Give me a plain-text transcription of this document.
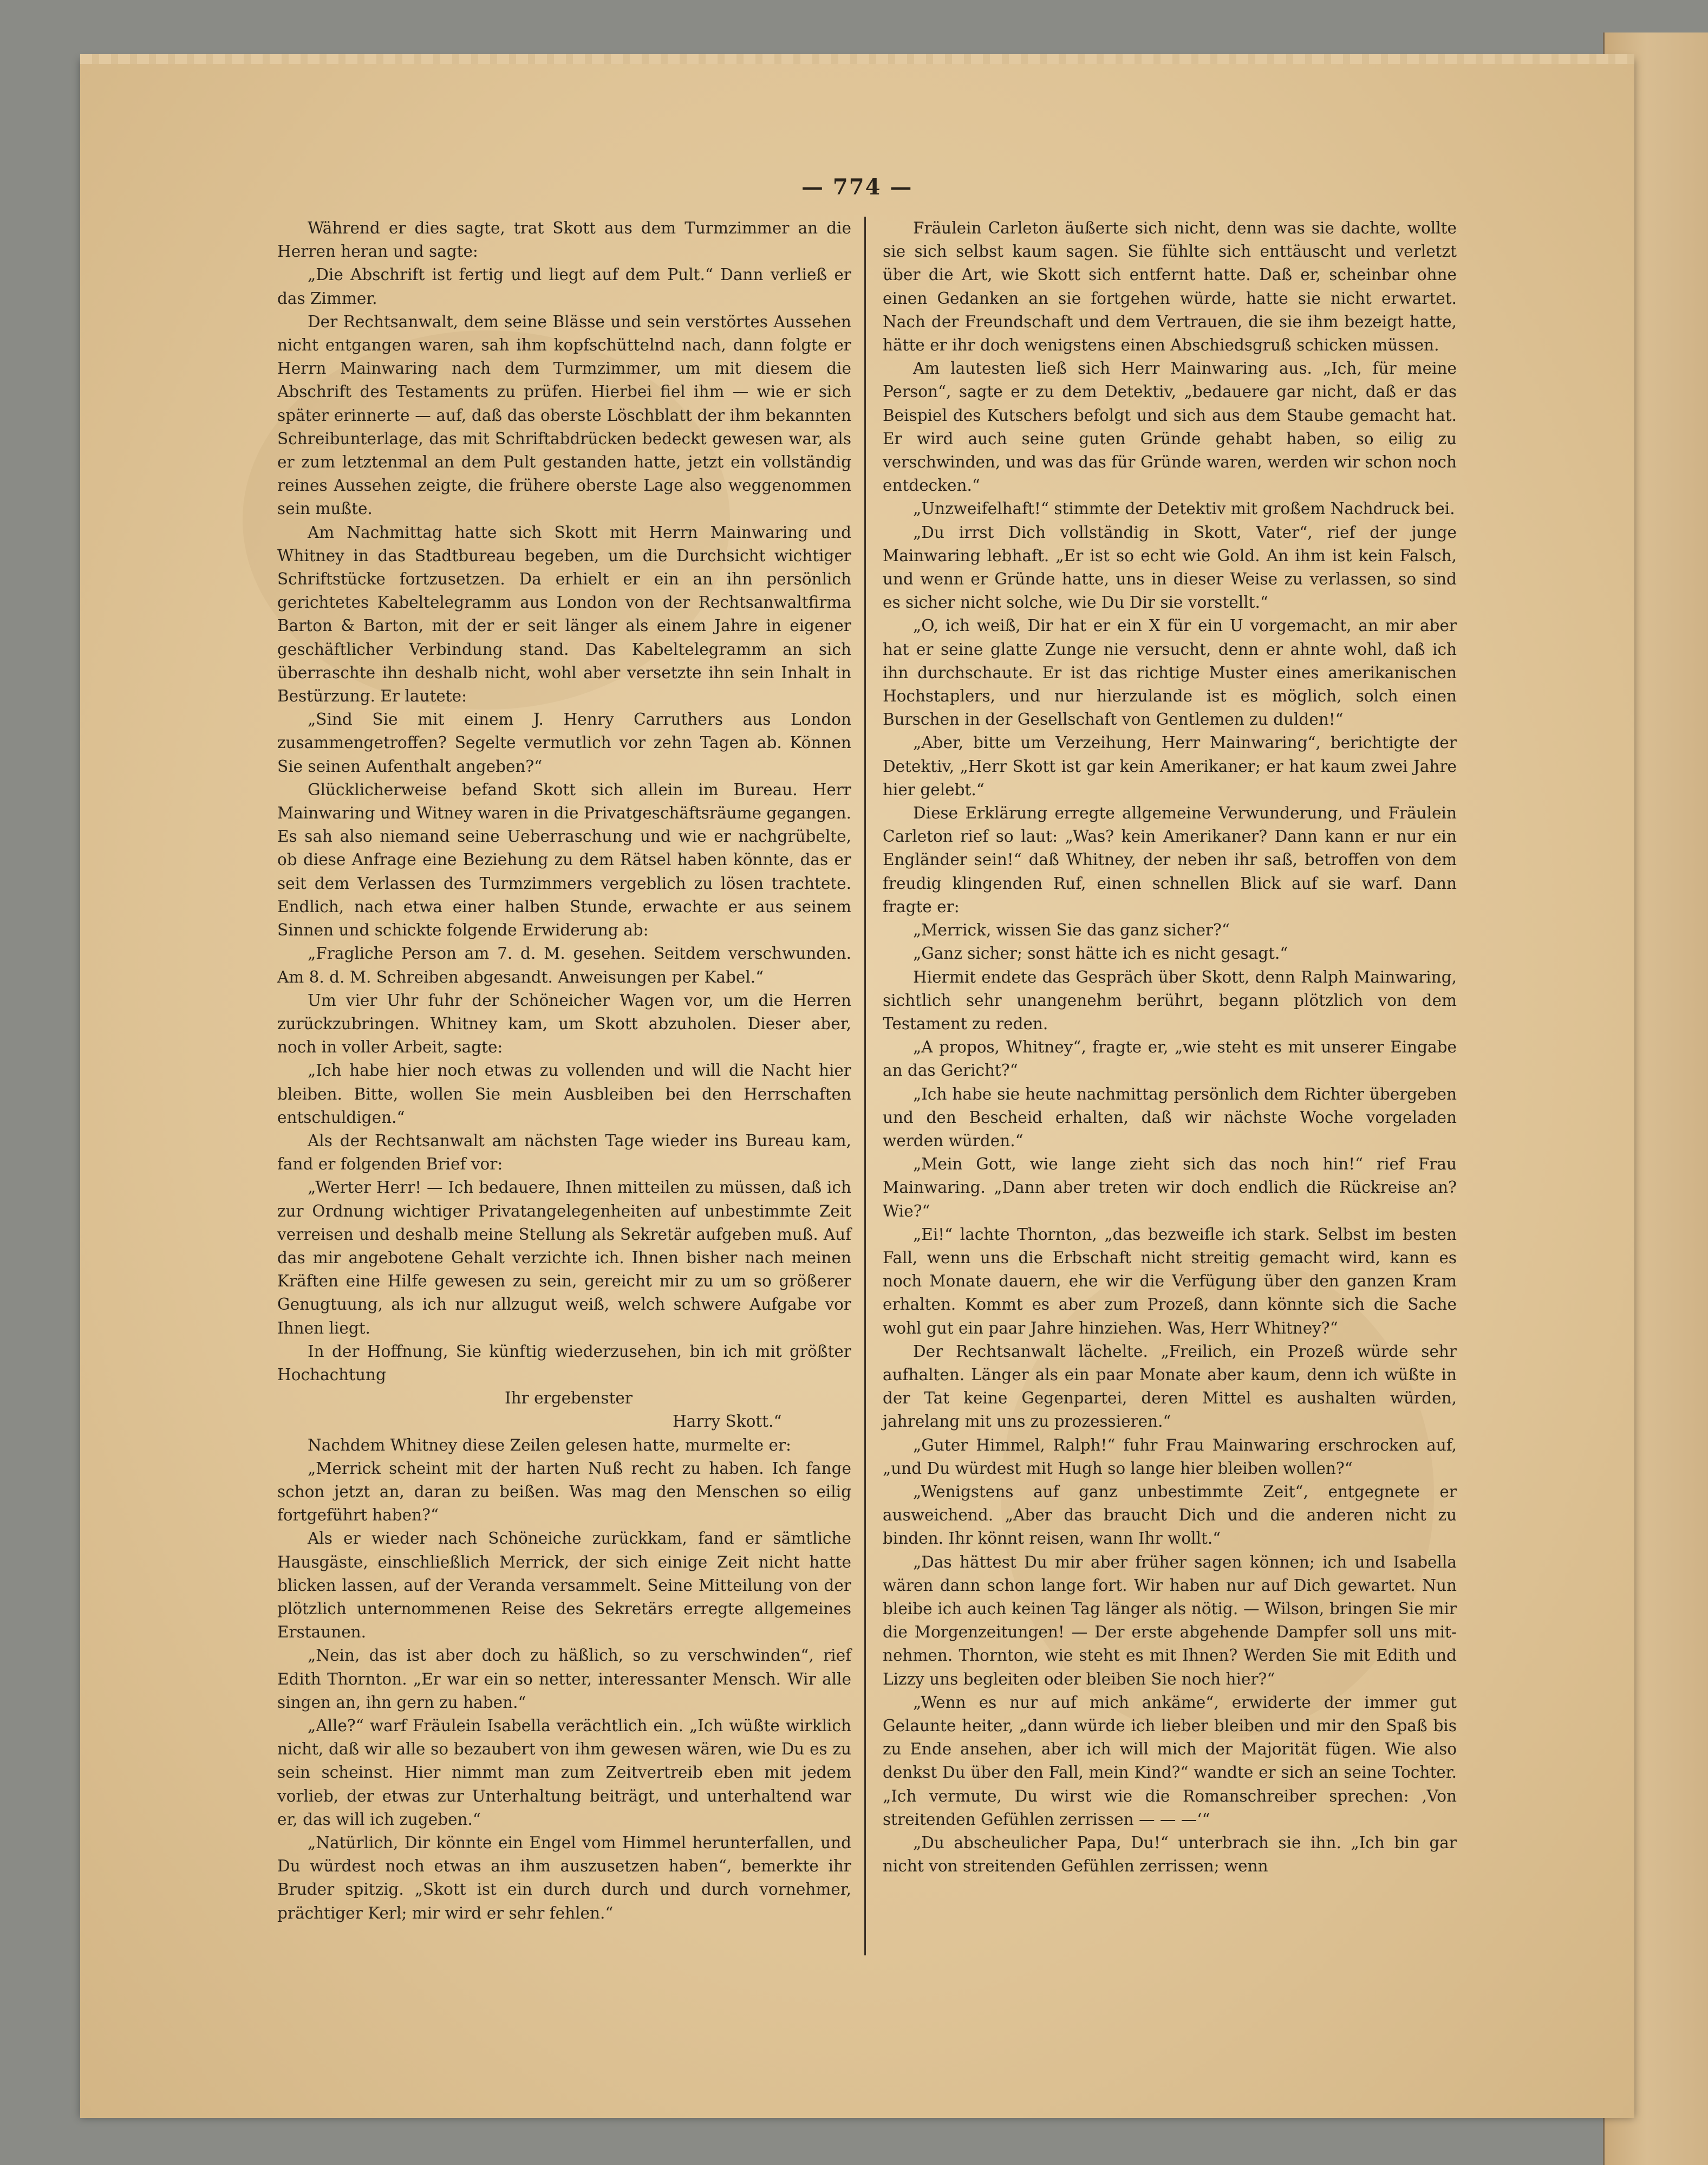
— 774 —

Während er dies sagte, trat Skott aus dem Turmzimmer an die Herren heran und sagte:

„Die Abschrift ist fertig und liegt auf dem Pult.“ Dann verließ er das Zimmer.

Der Rechtsanwalt, dem seine Blässe und sein verstörtes Aussehen nicht entgangen waren, sah ihm kopfschüttelnd nach, dann folgte er Herrn Mainwaring nach dem Turmzimmer, um mit diesem die Abschrift des Testaments zu prüfen. Hierbei fiel ihm — wie er sich später erinnerte — auf, daß das oberste Löschblatt der ihm bekannten Schreibunterlage, das mit Schriftabdrücken bedeckt gewesen war, als er zum letztenmal an dem Pult gestanden hatte, jetzt ein vollständig reines Aussehen zeigte, die frühere oberste Lage also weggenommen sein mußte.

Am Nachmittag hatte sich Skott mit Herrn Mainwaring und Whitney in das Stadtbureau begeben, um die Durchsicht wichtiger Schriftstücke fortzusetzen. Da erhielt er ein an ihn persönlich gerichtetes Kabeltelegramm aus London von der Rechtsanwaltfirma Barton & Barton, mit der er seit länger als einem Jahre in eigener geschäftlicher Verbindung stand. Das Kabeltelegramm an sich überraschte ihn deshalb nicht, wohl aber versetzte ihn sein Inhalt in Bestürzung. Er lautete:

„Sind Sie mit einem J. Henry Carruthers aus London zusammengetroffen? Segelte vermutlich vor zehn Tagen ab. Können Sie seinen Aufenthalt angeben?“

Glücklicherweise befand Skott sich allein im Bureau. Herr Mainwaring und Witney waren in die Privatgeschäftsräume gegangen. Es sah also niemand seine Ueberraschung und wie er nachgrübelte, ob diese Anfrage eine Beziehung zu dem Rätsel haben könnte, das er seit dem Verlassen des Turmzimmers vergeblich zu lösen trachtete. Endlich, nach etwa einer halben Stunde, erwachte er aus seinem Sinnen und schickte folgende Erwiderung ab:

„Fragliche Person am 7. d. M. gesehen. Seitdem verschwunden. Am 8. d. M. Schreiben abgesandt. Anweisungen per Kabel.“

Um vier Uhr fuhr der Schöneicher Wagen vor, um die Herren zurückzubringen. Whitney kam, um Skott abzuholen. Dieser aber, noch in voller Arbeit, sagte:

„Ich habe hier noch etwas zu vollenden und will die Nacht hier bleiben. Bitte, wollen Sie mein Ausbleiben bei den Herrschaften entschuldigen.“

Als der Rechtsanwalt am nächsten Tage wieder ins Bureau kam, fand er folgenden Brief vor:

„Werter Herr! — Ich bedauere, Ihnen mitteilen zu müssen, daß ich zur Ordnung wichtiger Privatangelegenheiten auf unbestimmte Zeit verreisen und deshalb meine Stellung als Sekretär aufgeben muß. Auf das mir angebotene Gehalt verzichte ich. Ihnen bisher nach meinen Kräften eine Hilfe gewesen zu sein, gereicht mir zu um so größerer Genugtuung, als ich nur allzugut weiß, welch schwere Aufgabe vor Ihnen liegt.

In der Hoffnung, Sie künftig wiederzusehen, bin ich mit größter Hochachtung

Ihr ergebenster

Harry Skott.“

Nachdem Whitney diese Zeilen gelesen hatte, murmelte er:

„Merrick scheint mit der harten Nuß recht zu haben. Ich fange schon jetzt an, daran zu beißen. Was mag den Menschen so eilig fortgeführt haben?“

Als er wieder nach Schöneiche zurückkam, fand er sämtliche Hausgäste, einschließlich Merrick, der sich einige Zeit nicht hatte blicken lassen, auf der Veranda versammelt. Seine Mitteilung von der plötzlich unternommenen Reise des Sekretärs erregte allgemeines Erstaunen.

„Nein, das ist aber doch zu häßlich, so zu verschwinden“, rief Edith Thornton. „Er war ein so netter, interessanter Mensch. Wir alle singen an, ihn gern zu haben.“

„Alle?“ warf Fräulein Isabella verächtlich ein. „Ich wüßte wirklich nicht, daß wir alle so bezaubert von ihm gewesen wären, wie Du es zu sein scheinst. Hier nimmt man zum Zeitvertreib eben mit jedem vorlieb, der etwas zur Unterhaltung beiträgt, und unterhaltend war er, das will ich zugeben.“

„Natürlich, Dir könnte ein Engel vom Himmel herunterfallen, und Du würdest noch etwas an ihm auszusetzen haben“, bemerkte ihr Bruder spitzig. „Skott ist ein durch durch und durch vornehmer, prächtiger Kerl; mir wird er sehr fehlen.“

Fräulein Carleton äußerte sich nicht, denn was sie dachte, wollte sie sich selbst kaum sagen. Sie fühlte sich enttäuscht und verletzt über die Art, wie Skott sich entfernt hatte. Daß er, scheinbar ohne einen Gedanken an sie fortgehen würde, hatte sie nicht erwartet. Nach der Freundschaft und dem Vertrauen, die sie ihm bezeigt hatte, hätte er ihr doch wenigstens einen Abschiedsgruß schicken müssen.

Am lautesten ließ sich Herr Mainwaring aus. „Ich, für meine Person“, sagte er zu dem Detektiv, „bedauere gar nicht, daß er das Beispiel des Kutschers befolgt und sich aus dem Staube gemacht hat. Er wird auch seine guten Gründe gehabt haben, so eilig zu verschwinden, und was das für Gründe waren, werden wir schon noch entdecken.“

„Unzweifelhaft!“ stimmte der Detektiv mit großem Nachdruck bei.

„Du irrst Dich vollständig in Skott, Vater“, rief der junge Mainwaring lebhaft. „Er ist so echt wie Gold. An ihm ist kein Falsch, und wenn er Gründe hatte, uns in dieser Weise zu verlassen, so sind es sicher nicht solche, wie Du Dir sie vorstellt.“

„O, ich weiß, Dir hat er ein X für ein U vorgemacht, an mir aber hat er seine glatte Zunge nie versucht, denn er ahnte wohl, daß ich ihn durchschaute. Er ist das richtige Muster eines amerikanischen Hochstaplers, und nur hierzulande ist es möglich, solch einen Burschen in der Gesellschaft von Gentlemen zu dulden!“

„Aber, bitte um Verzeihung, Herr Mainwaring“, berichtigte der Detektiv, „Herr Skott ist gar kein Amerikaner; er hat kaum zwei Jahre hier gelebt.“

Diese Erklärung erregte allgemeine Verwunderung, und Fräulein Carleton rief so laut: „Was? kein Amerikaner? Dann kann er nur ein Engländer sein!“ daß Whitney, der neben ihr saß, betroffen von dem freudig klingenden Ruf, einen schnellen Blick auf sie warf. Dann fragte er:

„Merrick, wissen Sie das ganz sicher?“

„Ganz sicher; sonst hätte ich es nicht gesagt.“

Hiermit endete das Gespräch über Skott, denn Ralph Mainwaring, sichtlich sehr unangenehm berührt, begann plötzlich von dem Testament zu reden.

„A propos, Whitney“, fragte er, „wie steht es mit unserer Eingabe an das Gericht?“

„Ich habe sie heute nachmittag persönlich dem Richter übergeben und den Bescheid erhalten, daß wir nächste Woche vorgeladen werden würden.“

„Mein Gott, wie lange zieht sich das noch hin!“ rief Frau Mainwaring. „Dann aber treten wir doch endlich die Rückreise an? Wie?“

„Ei!“ lachte Thornton, „das bezweifle ich stark. Selbst im besten Fall, wenn uns die Erbschaft nicht streitig gemacht wird, kann es noch Monate dauern, ehe wir die Verfügung über den ganzen Kram erhalten. Kommt es aber zum Prozeß, dann könnte sich die Sache wohl gut ein paar Jahre hinziehen. Was, Herr Whitney?“

Der Rechtsanwalt lächelte. „Freilich, ein Prozeß würde sehr aufhalten. Länger als ein paar Monate aber kaum, denn ich wüßte in der Tat keine Gegenpartei, deren Mittel es aushalten würden, jahrelang mit uns zu prozessieren.“

„Guter Himmel, Ralph!“ fuhr Frau Mainwaring erschrocken auf, „und Du würdest mit Hugh so lange hier bleiben wollen?“

„Wenigstens auf ganz unbestimmte Zeit“, entgegnete er ausweichend. „Aber das braucht Dich und die anderen nicht zu binden. Ihr könnt reisen, wann Ihr wollt.“

„Das hättest Du mir aber früher sagen können; ich und Isabella wären dann schon lange fort. Wir haben nur auf Dich gewartet. Nun bleibe ich auch keinen Tag länger als nötig. — Wilson, bringen Sie mir die Morgenzeitungen! — Der erste abgehende Dampfer soll uns mitnehmen. Thornton, wie steht es mit Ihnen? Werden Sie mit Edith und Lizzy uns begleiten oder bleiben Sie noch hier?“

„Wenn es nur auf mich ankäme“, erwiderte der immer gut Gelaunte heiter, „dann würde ich lieber bleiben und mir den Spaß bis zu Ende ansehen, aber ich will mich der Majorität fügen. Wie also denkst Du über den Fall, mein Kind?“ wandte er sich an seine Tochter. „Ich vermute, Du wirst wie die Romanschreiber sprechen: ‚Von streitenden Gefühlen zerrissen — — —‘“

„Du abscheulicher Papa, Du!“ unterbrach sie ihn. „Ich bin gar nicht von streitenden Gefühlen zerrissen; wenn
